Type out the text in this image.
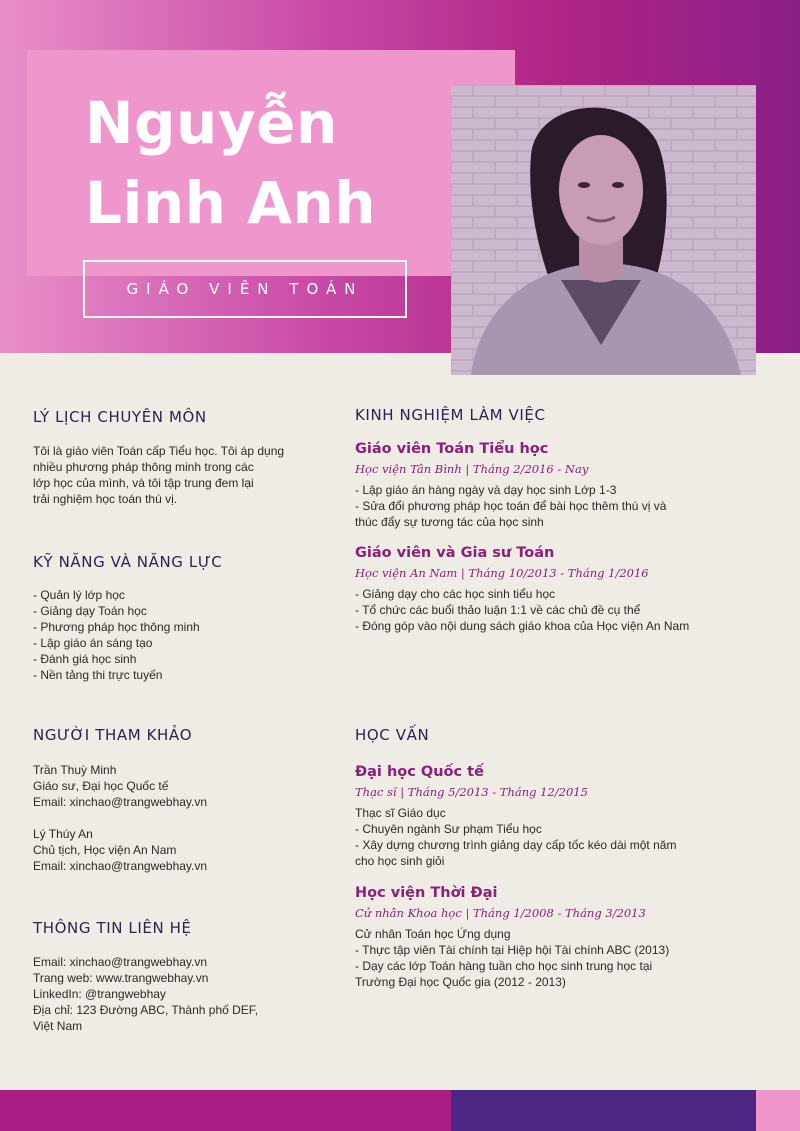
Nguyễn
Linh Anh
GIÁO VIÊN TOÁN
LÝ LỊCH CHUYÊN MÔN
Tôi là giáo viên Toán cấp Tiểu học. Tôi áp dụng
nhiều phương pháp thông minh trong các
lớp học của mình, và tôi tập trung đem lại
trải nghiệm học toán thú vị.
KỸ NĂNG VÀ NĂNG LỰC
- Quản lý lớp học
- Giảng dạy Toán học
- Phương pháp học thông minh
- Lập giáo án sáng tạo
- Đánh giá học sinh
- Nền tảng thi trực tuyến
NGƯỜI THAM KHẢO
Trần Thuỳ Minh
Giáo sư, Đại học Quốc tế
Email: xinchao@trangwebhay.vn
Lý Thúy An
Chủ tịch, Học viện An Nam
Email: xinchao@trangwebhay.vn
THÔNG TIN LIÊN HỆ
Email: xinchao@trangwebhay.vn
Trang web: www.trangwebhay.vn
LinkedIn: @trangwebhay
Địa chỉ: 123 Đường ABC, Thành phố DEF,
Việt Nam
KINH NGHIỆM LÀM VIỆC
Giáo viên Toán Tiểu học

Học viện Tân Bình | Tháng 2/2016 - Nay

- Lập giáo án hàng ngày và dạy học sinh Lớp 1-3
- Sửa đổi phương pháp học toán để bài học thêm thú vị và
thúc đẩy sự tương tác của học sinh
Giáo viên và Gia sư Toán

Học viện An Nam | Tháng 10/2013 - Tháng 1/2016

- Giảng dạy cho các học sinh tiểu học
- Tổ chức các buổi thảo luận 1:1 về các chủ đề cụ thể
- Đóng góp vào nội dung sách giáo khoa của Học viện An Nam
HỌC VẤN
Đại học Quốc tế

Thạc sĩ | Tháng 5/2013 - Tháng 12/2015

Thạc sĩ Giáo dục
- Chuyên ngành Sư phạm Tiểu học
- Xây dựng chương trình giảng dạy cấp tốc kéo dài một năm
cho học sinh giỏi
Học viện Thời Đại

Cử nhân Khoa học | Tháng 1/2008 - Tháng 3/2013

Cử nhân Toán học Ứng dụng
- Thực tập viên Tài chính tại Hiệp hội Tài chính ABC (2013)
- Dạy các lớp Toán hàng tuần cho học sinh trung học tại
Trường Đại học Quốc gia (2012 - 2013)
